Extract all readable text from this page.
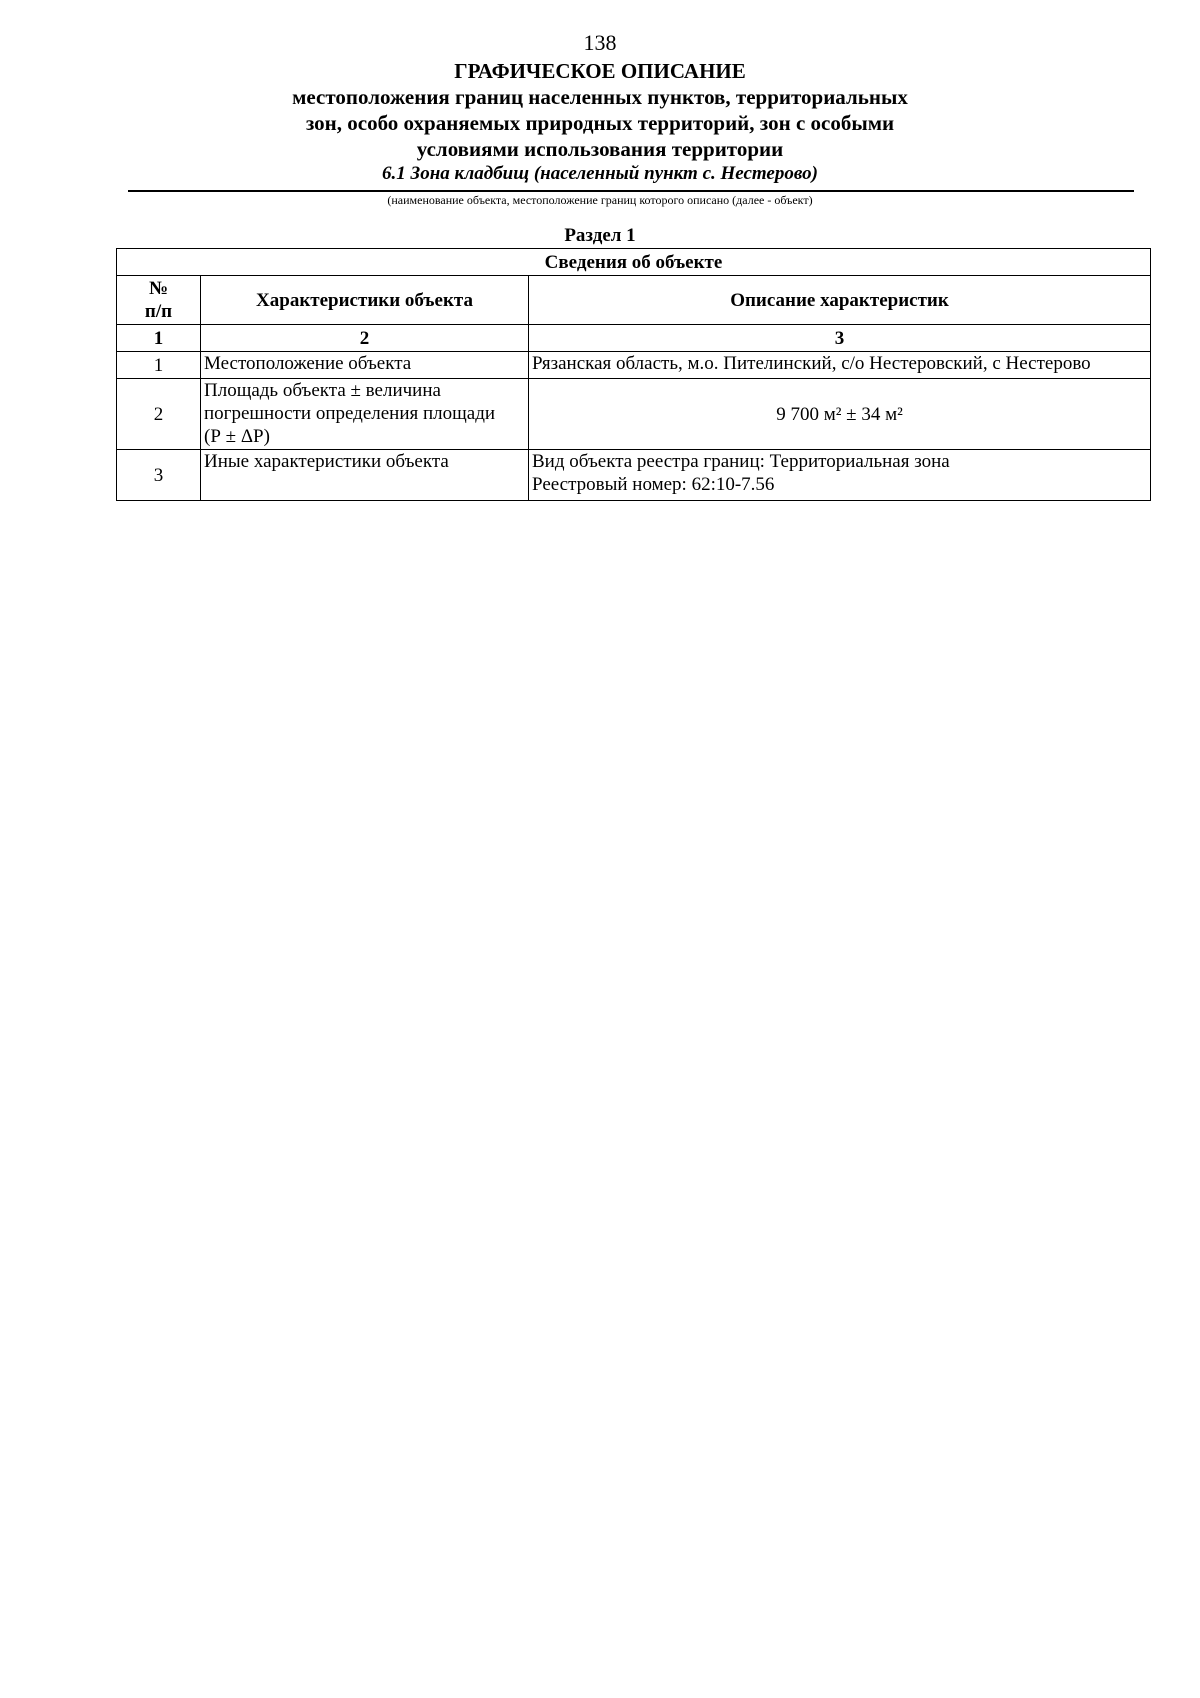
138
ГРАФИЧЕСКОЕ ОПИСАНИЕ
местоположения границ населенных пунктов, территориальных
зон, особо охраняемых природных территорий, зон с особыми
условиями использования территории
6.1 Зона кладбищ (населенный пункт с. Нестерово)
(наименование объекта, местоположение границ которого описано (далее - объект)
Раздел 1
Сведения об объекте		

№
п/п	Характеристики объекта	Описание характеристик
1	2	3
1	Местоположение объекта	Рязанская область, м.о. Пителинский, с/о Нестеровский, с Нестерово
2	Площадь объекта ± величина
погрешности определения площади
(Р ± ΔР)	9 700 м² ± 34 м²
3	Иные характеристики объекта	Вид объекта реестра границ: Территориальная зона
Реестровый номер: 62:10-7.56
